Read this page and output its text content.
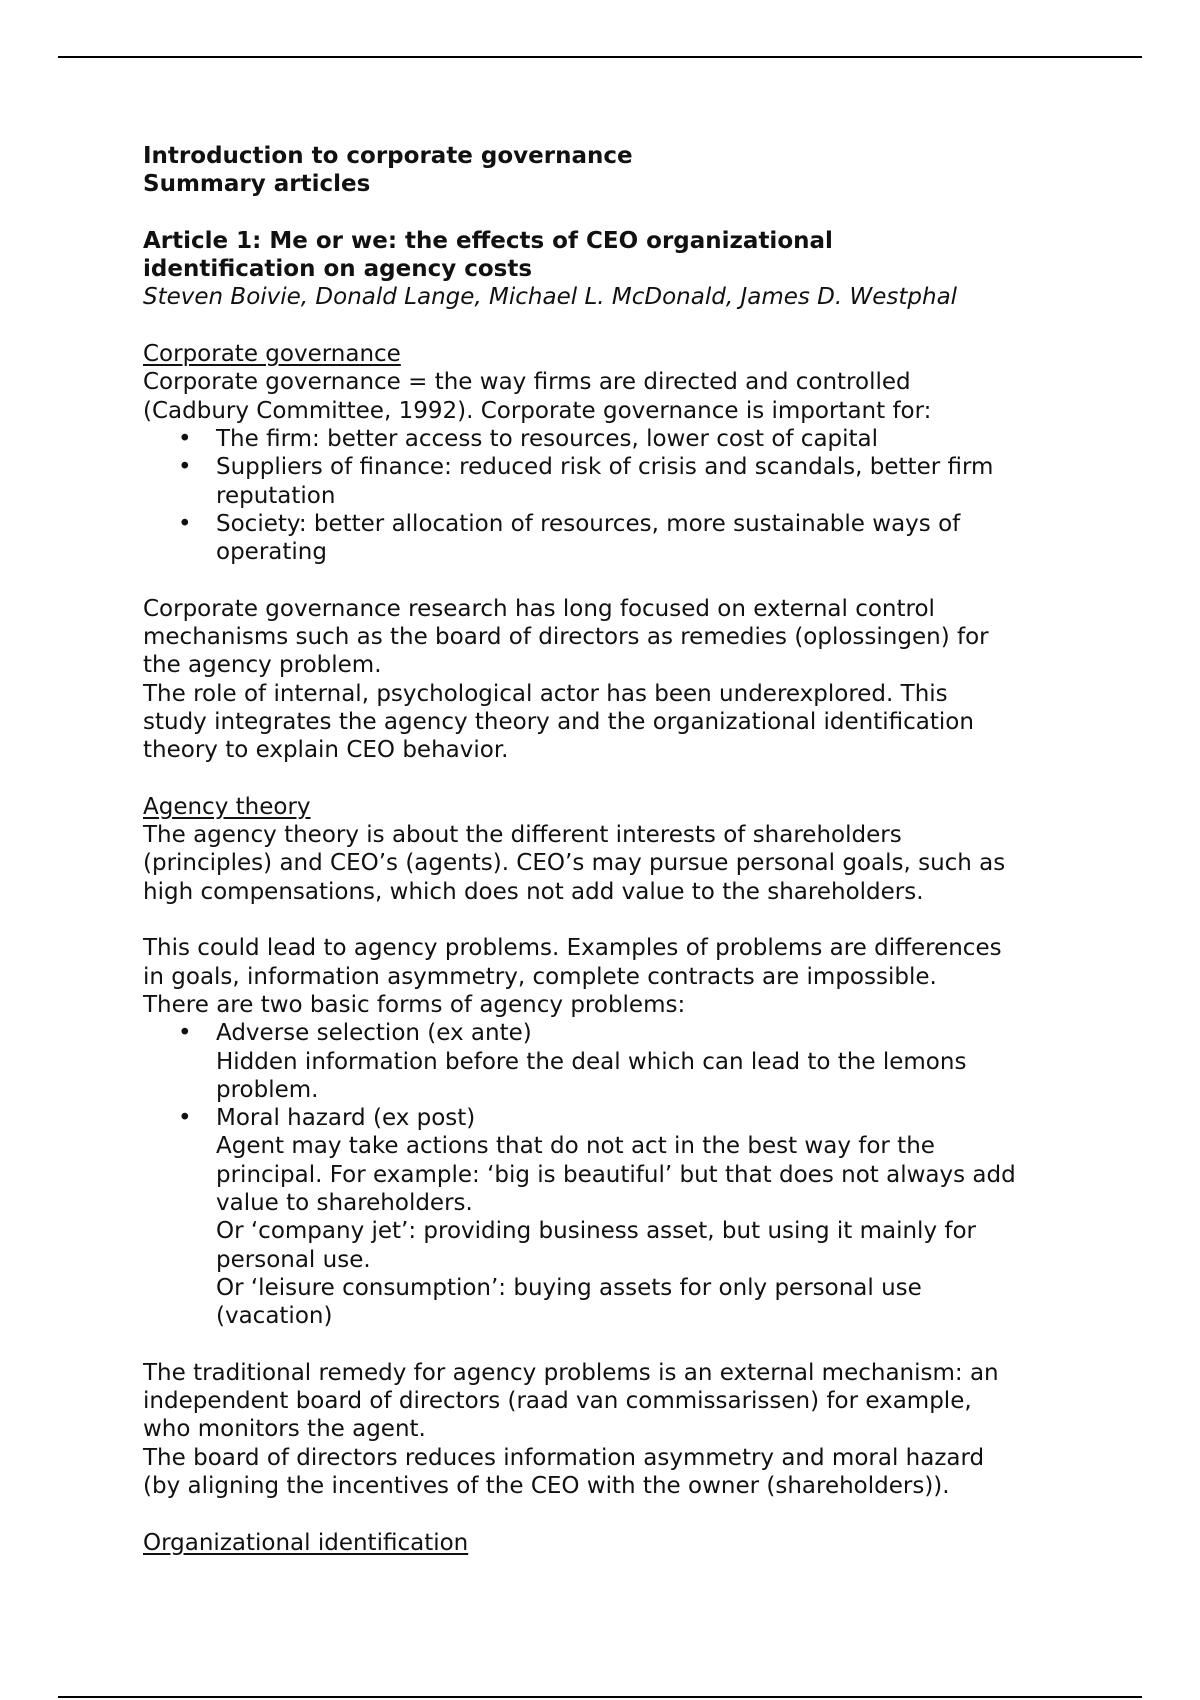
Introduction to corporate governance
Summary articles
Article 1: Me or we: the effects of CEO organizational
identification on agency costs
Steven Boivie, Donald Lange, Michael L. McDonald, James D. Westphal
Corporate governance
Corporate governance = the way firms are directed and controlled
(Cadbury Committee, 1992). Corporate governance is important for:
• The firm: better access to resources, lower cost of capital
• Suppliers of finance: reduced risk of crisis and scandals, better firm
reputation
• Society: better allocation of resources, more sustainable ways of
operating
Corporate governance research has long focused on external control
mechanisms such as the board of directors as remedies (oplossingen) for
the agency problem.
The role of internal, psychological actor has been underexplored. This
study integrates the agency theory and the organizational identification
theory to explain CEO behavior.
Agency theory
The agency theory is about the different interests of shareholders
(principles) and CEO’s (agents). CEO’s may pursue personal goals, such as
high compensations, which does not add value to the shareholders.
This could lead to agency problems. Examples of problems are differences
in goals, information asymmetry, complete contracts are impossible.
There are two basic forms of agency problems:
• Adverse selection (ex ante)
Hidden information before the deal which can lead to the lemons
problem.
• Moral hazard (ex post)
Agent may take actions that do not act in the best way for the
principal. For example: ‘big is beautiful’ but that does not always add
value to shareholders.
Or ‘company jet’: providing business asset, but using it mainly for
personal use.
Or ‘leisure consumption’: buying assets for only personal use
(vacation)
The traditional remedy for agency problems is an external mechanism: an
independent board of directors (raad van commissarissen) for example,
who monitors the agent.
The board of directors reduces information asymmetry and moral hazard
(by aligning the incentives of the CEO with the owner (shareholders)).
Organizational identification
